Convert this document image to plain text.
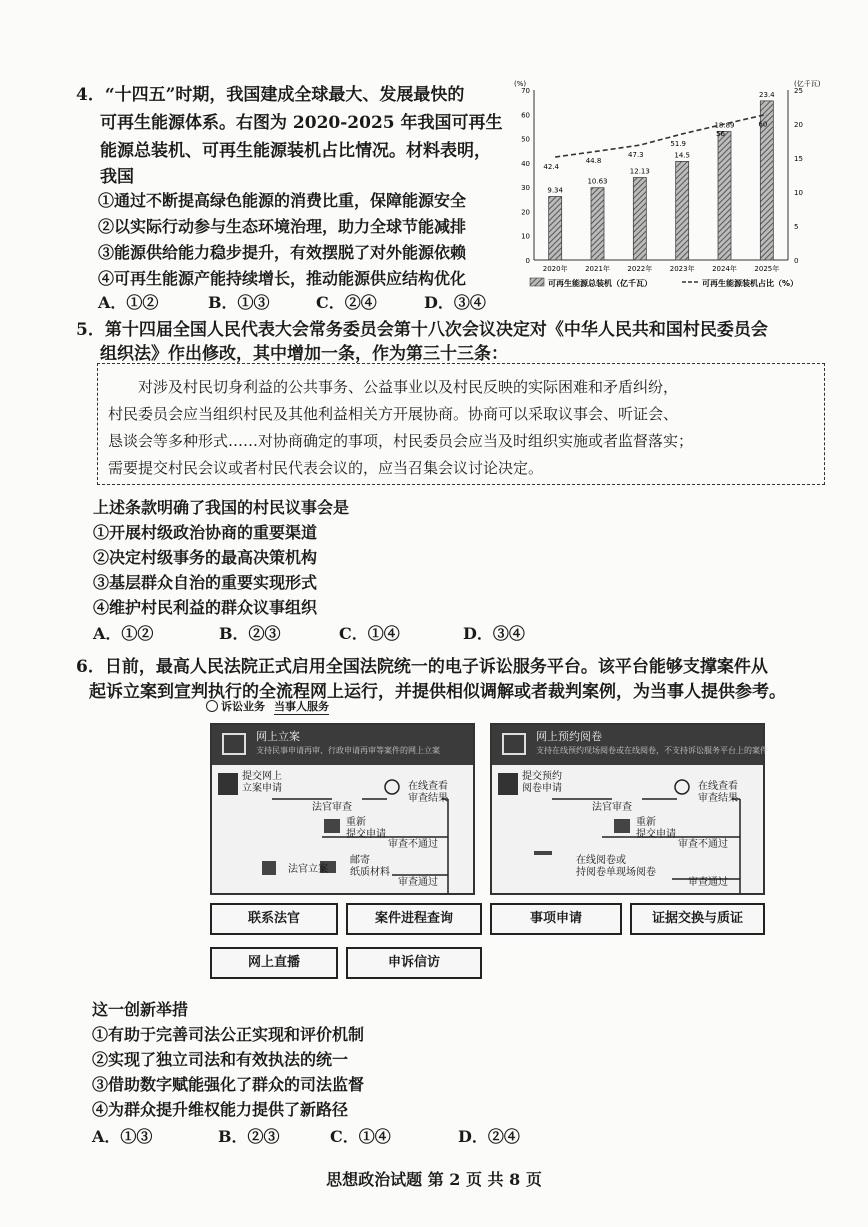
4．“十四五”时期，我国建成全球最大、发展最快的
可再生能源体系。右图为 2020-2025 年我国可再生
能源总装机、可再生能源装机占比情况。材料表明，
我国
①通过不断提高绿色能源的消费比重，保障能源安全
②以实际行动参与生态环境治理，助力全球节能减排
③能源供给能力稳步提升，有效摆脱了对外能源依赖
④可再生能源产能持续增长，推动能源供应结构优化
A．①②	B．①③	C．②④	D．③④
(%)	(亿千瓦)
0
10
20
30
40
50
60
70
0
5
10
15
20
25
9.34
2020年
42.4
10.63
2021年
44.8
12.13
2022年
47.3	14.5
2023年
51.9
18.89
2024年
56
23.4
2025年
60
可再生能源总装机（亿千瓦）	可再生能源装机占比（%）
5．第十四届全国人民代表大会常务委员会第十八次会议决定对《中华人民共和国村民委员会
组织法》作出修改，其中增加一条，作为第三十三条：
对涉及村民切身利益的公共事务、公益事业以及村民反映的实际困难和矛盾纠纷，
村民委员会应当组织村民及其他利益相关方开展协商。协商可以采取议事会、听证会、
恳谈会等多种形式……对协商确定的事项，村民委员会应当及时组织实施或者监督落实；
需要提交村民会议或者村民代表会议的，应当召集会议讨论决定。
上述条款明确了我国的村民议事会是
①开展村级政治协商的重要渠道
②决定村级事务的最高决策机构
③基层群众自治的重要实现形式
④维护村民利益的群众议事组织
A．①②	B．②③	C．①④	D．③④
6．日前，最高人民法院正式启用全国法院统一的电子诉讼服务平台。该平台能够支撑案件从
起诉立案到宣判执行的全流程网上运行，并提供相似调解或者裁判案例，为当事人提供参考。
诉讼业务 当事人服务
网上立案
支持民事申请再审、行政申请再审等案件的网上立案
提交网上
立案申请
法官审查
在线查看
审查结果
重新
提交申请
审查不通过
法官立案
邮寄
纸质材料
审查通过
网上预约阅卷
支持在线预约现场阅卷或在线阅卷，不支持诉讼服务平台上的案件
提交预约
阅卷申请
法官审查
在线查看
审查结果
重新
提交申请
审查不通过
在线阅卷或
持阅卷单现场阅卷
审查通过
联系法官	案件进程查询	事项申请	证据交换与质证
网上直播	申诉信访
这一创新举措
①有助于完善司法公正实现和评价机制
②实现了独立司法和有效执法的统一
③借助数字赋能强化了群众的司法监督
④为群众提升维权能力提供了新路径
A．①③	B．②③	C．①④	D．②④
思想政治试题 第 2 页 共 8 页
